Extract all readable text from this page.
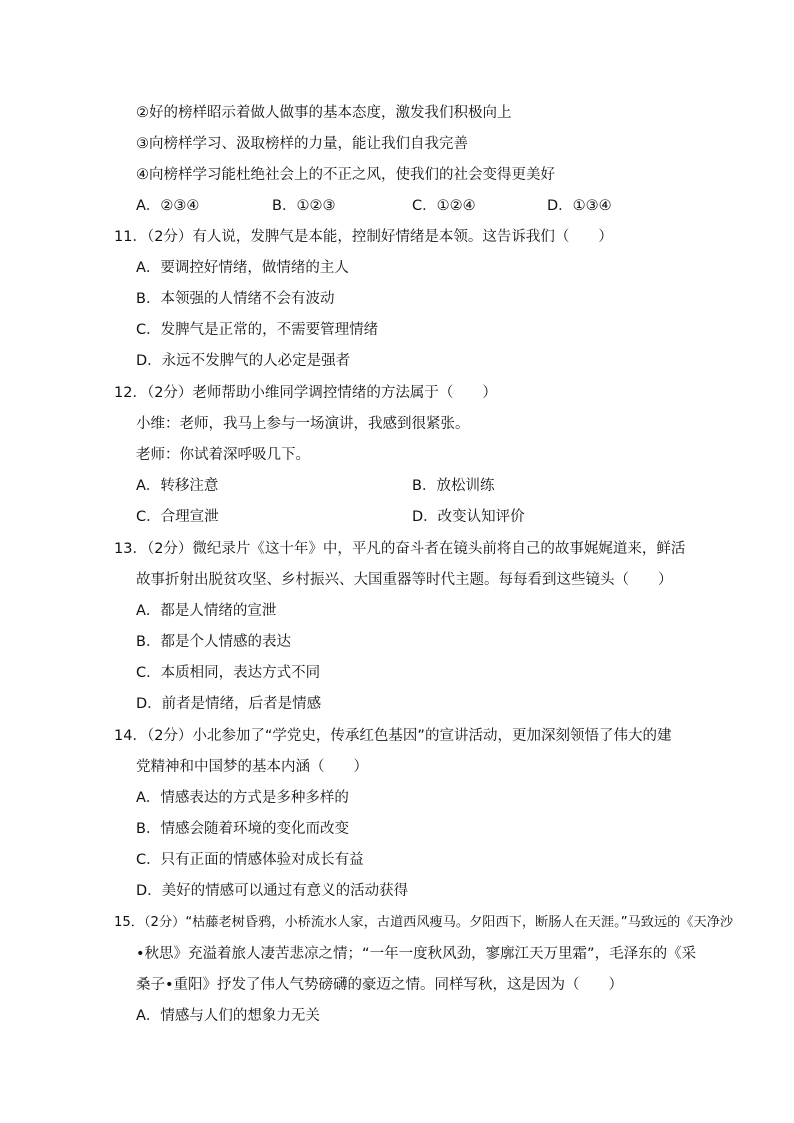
②好的榜样昭示着做人做事的基本态度，激发我们积极向上
③向榜样学习、汲取榜样的力量，能让我们自我完善
④向榜样学习能杜绝社会上的不正之风，使我们的社会变得更美好
A．②③④	B．①②③	C．①②④	D．①③④
11．（2分）有人说，发脾气是本能，控制好情绪是本领。这告诉我们（　　）
A．要调控好情绪，做情绪的主人
B．本领强的人情绪不会有波动
C．发脾气是正常的，不需要管理情绪
D．永远不发脾气的人必定是强者
12．（2分）老师帮助小维同学调控情绪的方法属于（　　）
小维：老师，我马上参与一场演讲，我感到很紧张。
老师：你试着深呼吸几下。
A．转移注意	B．放松训练
C．合理宣泄	D．改变认知评价
13．（2分）微纪录片《这十年》中，平凡的奋斗者在镜头前将自己的故事娓娓道来，鲜活
故事折射出脱贫攻坚、乡村振兴、大国重器等时代主题。每每看到这些镜头（　　）
A．都是人情绪的宣泄
B．都是个人情感的表达
C．本质相同，表达方式不同
D．前者是情绪，后者是情感
14．（2分）小北参加了“学党史，传承红色基因”的宣讲活动，更加深刻领悟了伟大的建
党精神和中国梦的基本内涵（　　）
A．情感表达的方式是多种多样的
B．情感会随着环境的变化而改变
C．只有正面的情感体验对成长有益
D．美好的情感可以通过有意义的活动获得
15．（2分）“枯藤老树昏鸦，小桥流水人家，古道西风瘦马。夕阳西下，断肠人在天涯。”马致远的《天净沙
•秋思》充溢着旅人凄苦悲凉之情；“一年一度秋风劲，寥廓江天万里霜”，毛泽东的《采
桑子•重阳》抒发了伟人气势磅礴的豪迈之情。同样写秋，这是因为（　　）
A．情感与人们的想象力无关
